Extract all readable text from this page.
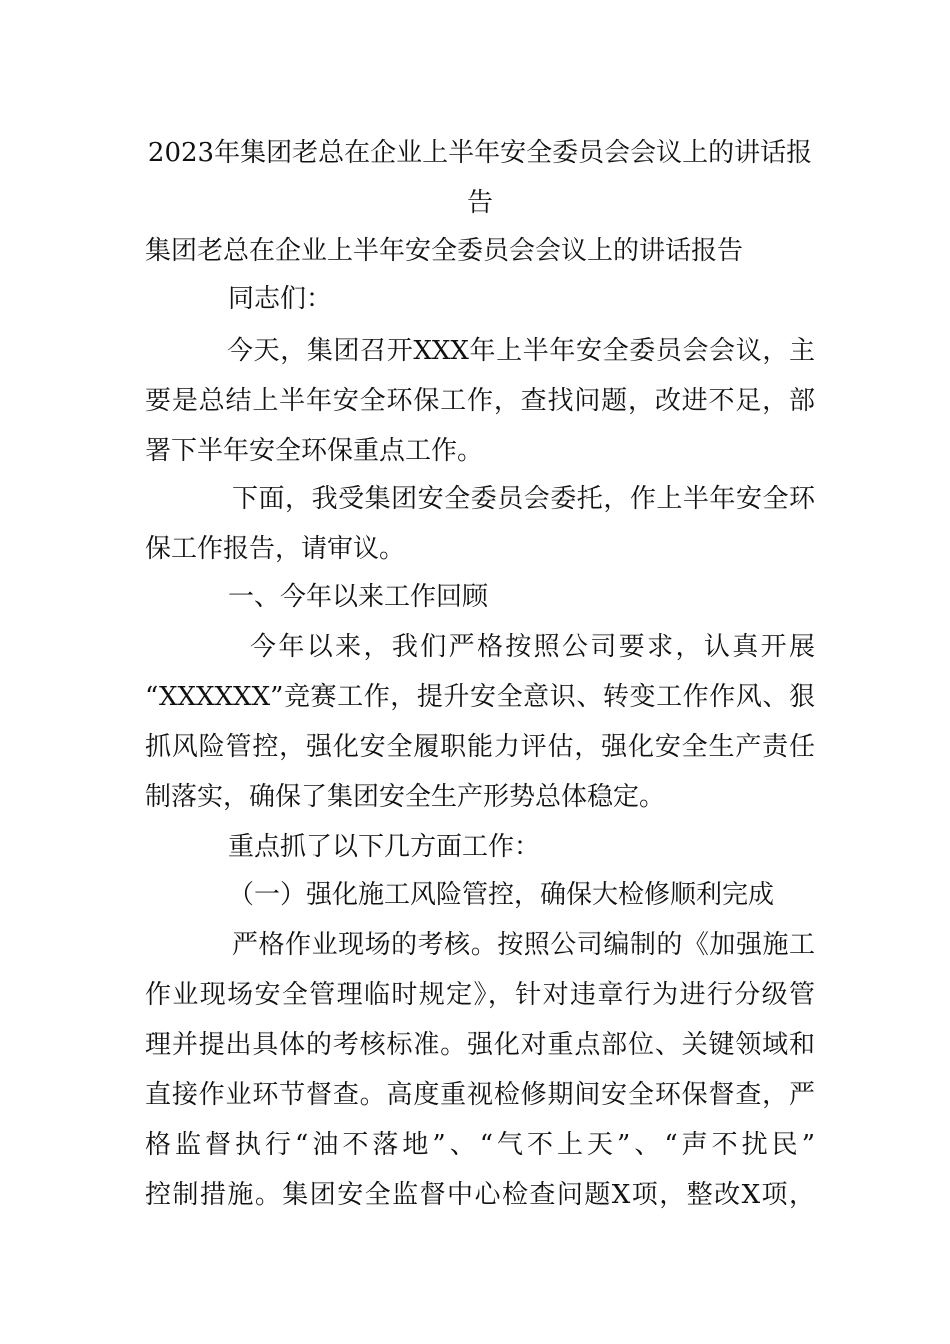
2023年集团老总在企业上半年安全委员会会议上的讲话报

告

集团老总在企业上半年安全委员会会议上的讲话报告

同志们：

今天，集团召开XXX年上半年安全委员会会议，主

要是总结上半年安全环保工作，查找问题，改进不足，部

署下半年安全环保重点工作。

下面，我受集团安全委员会委托，作上半年安全环

保工作报告，请审议。

一、今年以来工作回顾

今年以来，我们严格按照公司要求，认真开展

“XXXXXX”竞赛工作，提升安全意识、转变工作作风、狠

抓风险管控，强化安全履职能力评估，强化安全生产责任

制落实，确保了集团安全生产形势总体稳定。

重点抓了以下几方面工作：

（一）强化施工风险管控，确保大检修顺利完成

严格作业现场的考核。按照公司编制的《加强施工

作业现场安全管理临时规定》，针对违章行为进行分级管

理并提出具体的考核标准。强化对重点部位、关键领域和

直接作业环节督查。高度重视检修期间安全环保督查，严

格监督执行“油不落地”、“气不上天”、“声不扰民”

控制措施。集团安全监督中心检查问题X项，整改X项，
